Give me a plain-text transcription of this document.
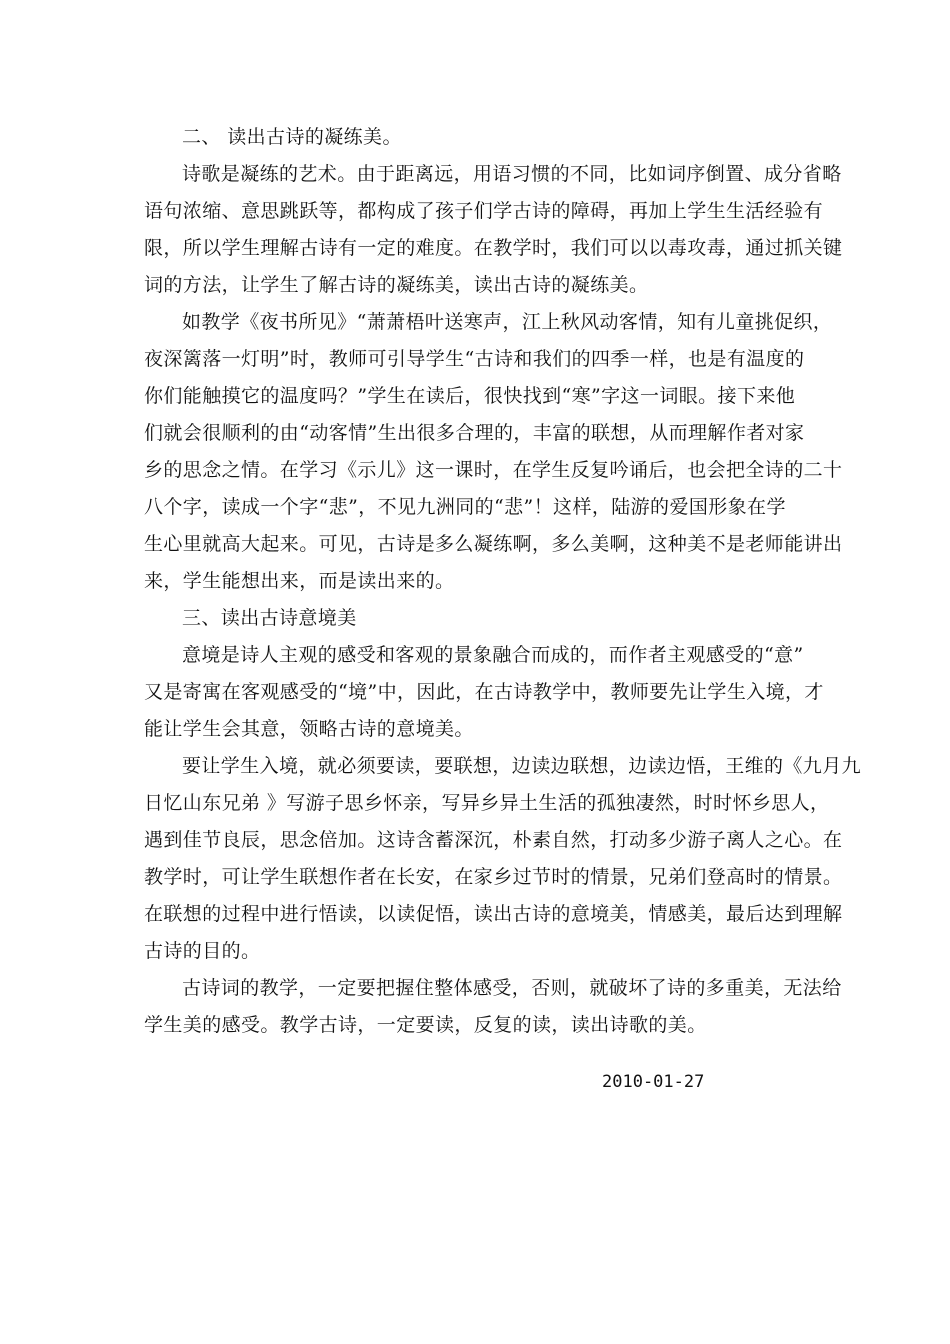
二、 读出古诗的凝练美。
诗歌是凝练的艺术。由于距离远，用语习惯的不同，比如词序倒置、成分省略
语句浓缩、意思跳跃等，都构成了孩子们学古诗的障碍，再加上学生生活经验有
限，所以学生理解古诗有一定的难度。在教学时，我们可以以毒攻毒，通过抓关键
词的方法，让学生了解古诗的凝练美，读出古诗的凝练美。
如教学《夜书所见》“萧萧梧叶送寒声，江上秋风动客情，知有儿童挑促织，
夜深篱落一灯明”时，教师可引导学生“古诗和我们的四季一样，也是有温度的
你们能触摸它的温度吗？”学生在读后，很快找到“寒”字这一词眼。接下来他
们就会很顺利的由“动客情”生出很多合理的，丰富的联想，从而理解作者对家
乡的思念之情。在学习《示儿》这一课时，在学生反复吟诵后，也会把全诗的二十
八个字，读成一个字“悲”，不见九洲同的“悲”！这样，陆游的爱国形象在学
生心里就高大起来。可见，古诗是多么凝练啊，多么美啊，这种美不是老师能讲出
来，学生能想出来，而是读出来的。
三、读出古诗意境美
意境是诗人主观的感受和客观的景象融合而成的，而作者主观感受的“意”
又是寄寓在客观感受的“境”中，因此，在古诗教学中，教师要先让学生入境，才
能让学生会其意，领略古诗的意境美。
要让学生入境，就必须要读，要联想，边读边联想，边读边悟，王维的《九月九
日忆山东兄弟 》写游子思乡怀亲，写异乡异土生活的孤独凄然，时时怀乡思人，
遇到佳节良辰，思念倍加。这诗含蓄深沉，朴素自然，打动多少游子离人之心。在
教学时，可让学生联想作者在长安，在家乡过节时的情景，兄弟们登高时的情景。
在联想的过程中进行悟读，以读促悟，读出古诗的意境美，情感美，最后达到理解
古诗的目的。
古诗词的教学，一定要把握住整体感受，否则，就破坏了诗的多重美，无法给
学生美的感受。教学古诗，一定要读，反复的读，读出诗歌的美。
2010-01-27
